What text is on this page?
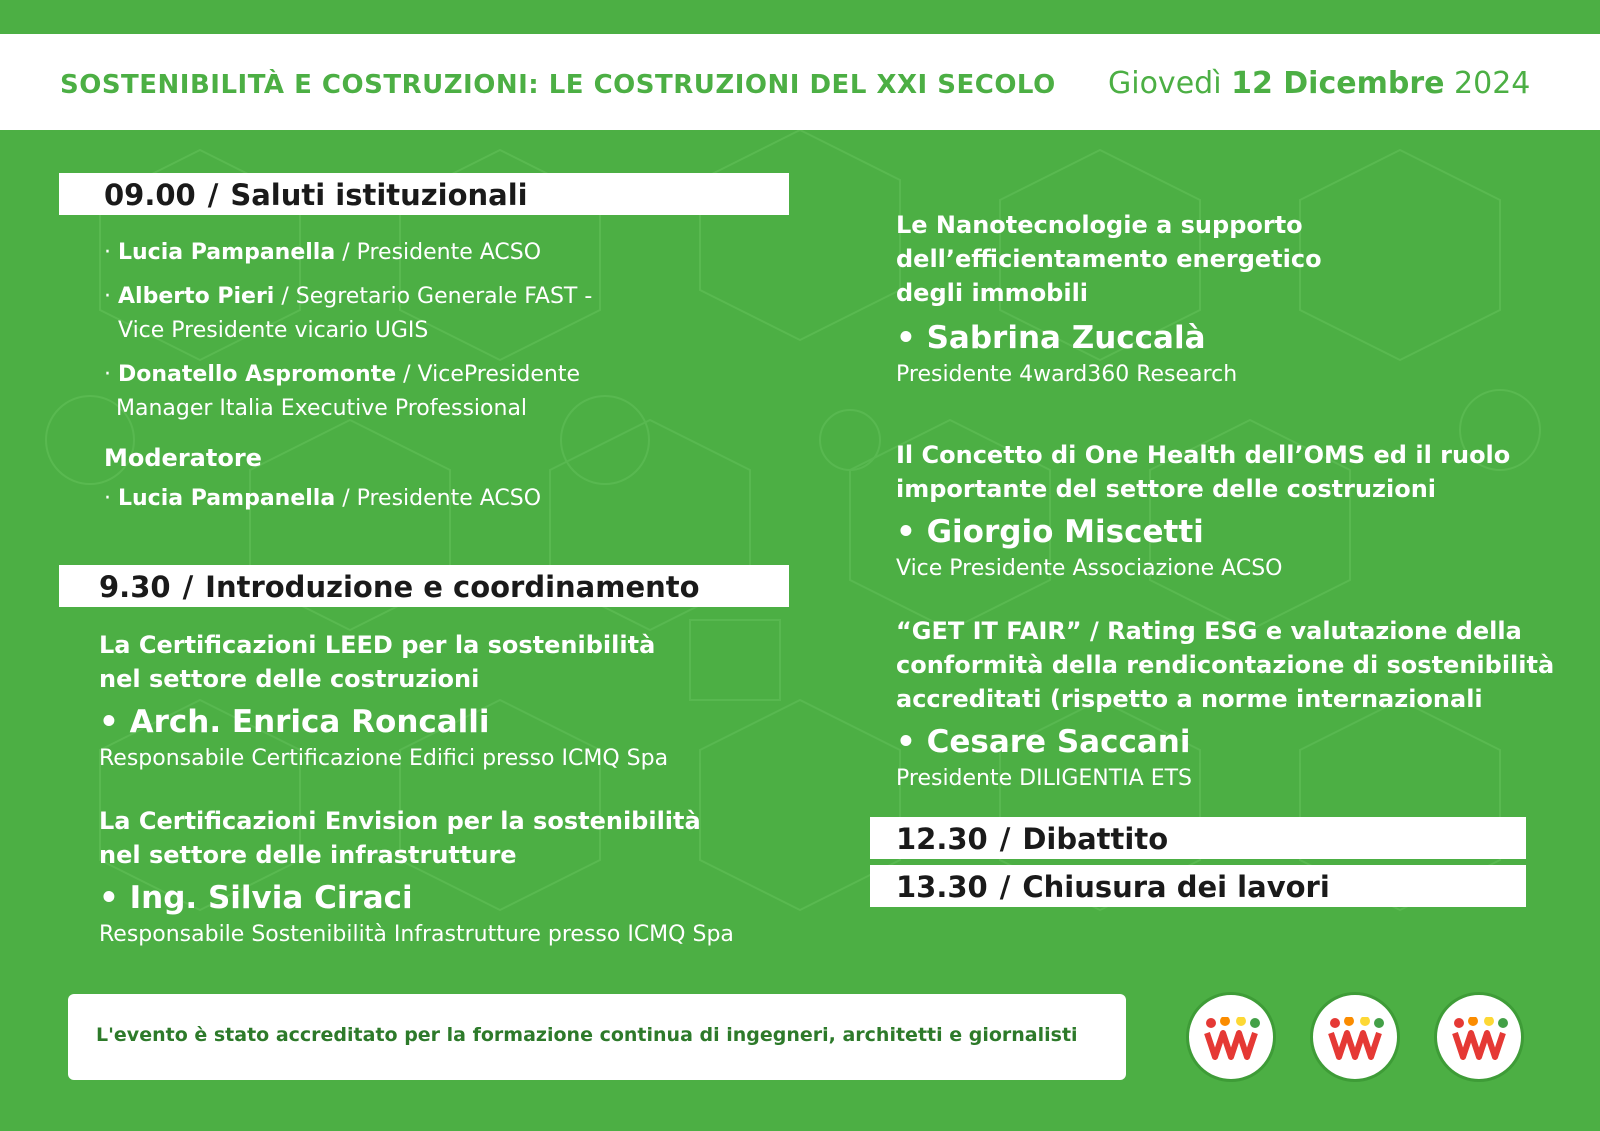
SOSTENIBILITÀ E COSTRUZIONI: LE COSTRUZIONI DEL XXI SECOLO Giovedì 12 Dicembre 2024
09.00 / Saluti istituzionali
· Lucia Pampanella / Presidente ACSO
· Alberto Pieri / Segretario Generale FAST -
Vice Presidente vicario UGIS
· Donatello Aspromonte / VicePresidente
Manager Italia Executive Professional
Moderatore
· Lucia Pampanella / Presidente ACSO
9.30 / Introduzione e coordinamento
La Certificazioni LEED per la sostenibilità
nel settore delle costruzioni
• Arch. Enrica Roncalli
Responsabile Certificazione Edifici presso ICMQ Spa
La Certificazioni Envision per la sostenibilità
nel settore delle infrastrutture
• Ing. Silvia Ciraci
Responsabile Sostenibilità Infrastrutture presso ICMQ Spa
Le Nanotecnologie a supporto
dell’efficientamento energetico
degli immobili
• Sabrina Zuccalà
Presidente 4ward360 Research
Il Concetto di One Health dell’OMS ed il ruolo
importante del settore delle costruzioni
• Giorgio Miscetti
Vice Presidente Associazione ACSO
“GET IT FAIR” / Rating ESG e valutazione della
conformità della rendicontazione di sostenibilità
accreditati (rispetto a norme internazionali
• Cesare Saccani
Presidente DILIGENTIA ETS
12.30 / Dibattito
13.30 / Chiusura dei lavori
L'evento è stato accreditato per la formazione continua di ingegneri, architetti e giornalisti
